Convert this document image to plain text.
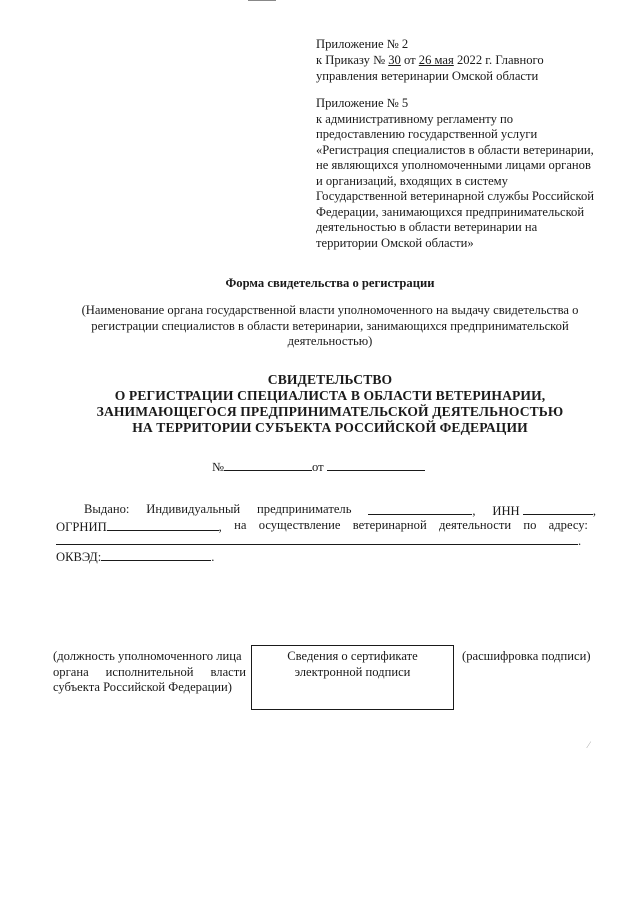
Приложение № 2
к Приказу № 30 от 26 мая 2022 г. Главного
управления ветеринарии Омской области
Приложение № 5
к административному регламенту по
предоставлению государственной услуги
«Регистрация специалистов в области ветеринарии,
не являющихся уполномоченными лицами органов
и организаций, входящих в систему
Государственной ветеринарной службы Российской
Федерации, занимающихся предпринимательской
деятельностью в области ветеринарии на
территории Омской области»
Форма свидетельства о регистрации
(Наименование органа государственной власти уполномоченного на выдачу свидетельства о
регистрации специалистов в области ветеринарии, занимающихся предпринимательской
деятельностью)
СВИДЕТЕЛЬСТВО
О РЕГИСТРАЦИИ СПЕЦИАЛИСТА В ОБЛАСТИ ВЕТЕРИНАРИИ,
ЗАНИМАЮЩЕГОСЯ ПРЕДПРИНИМАТЕЛЬСКОЙ ДЕЯТЕЛЬНОСТЬЮ
НА ТЕРРИТОРИИ СУБЪЕКТА РОССИЙСКОЙ ФЕДЕРАЦИИ
№	от
Выдано: Индивидуальный предприниматель	, ИНН	,
ОГРНИП	, на осуществление ветеринарной деятельности по адресу:
.
ОКВЭД:	.
(должность уполномоченного лица
органа исполнительной власти
субъекта Российской Федерации)
Сведения о сертификате
электронной подписи
(расшифровка подписи)
⁄
